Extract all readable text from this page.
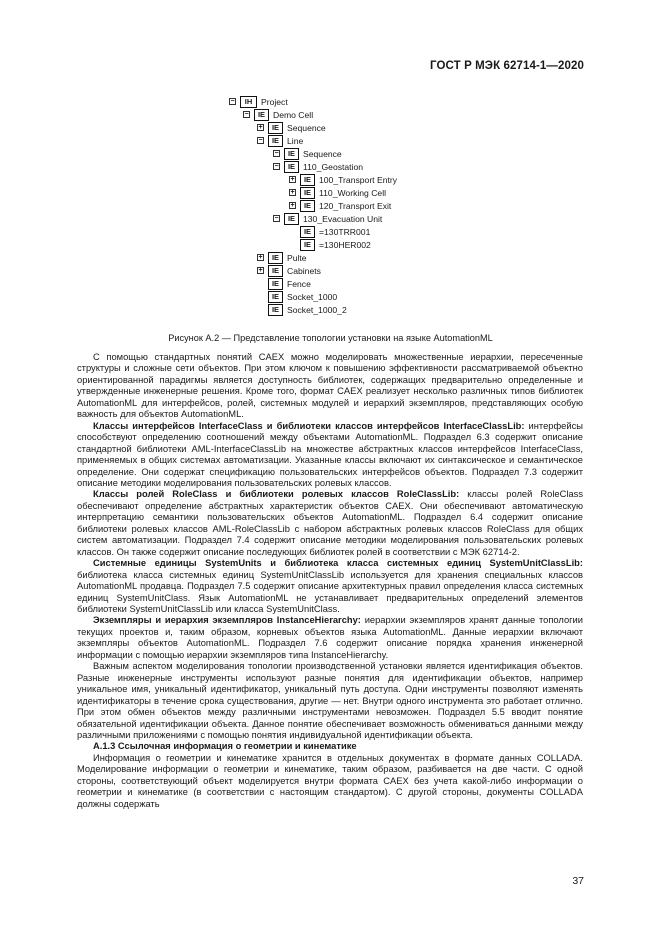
ГОСТ Р МЭК 62714-1—2020
−	IH	Project
−	IE Demo Cell
+	IE Sequence
−	IE Line
−	IE Sequence
−	IE 110_Geostation
+	IE 100_Transport Entry
+	IE 110_Working Cell
+	IE 120_Transport Exit
−	IE 130_Evacuation Unit
IE =130TRR001
IE =130HER002
+	IE Pulte
+	IE Cabinets
IE Fence
IE Socket_1000
IE Socket_1000_2
Рисунок А.2 — Представление топологии установки на языке AutomationML

С помощью стандартных понятий CAEX можно моделировать множественные иерархии, пересеченные структуры и сложные сети объектов. При этом ключом к повышению эффективности рассматриваемой объектно ориентированной парадигмы является доступность библиотек, содержащих предварительно определенные и утвержденные инженерные решения. Кроме того, формат CAEX реализует несколько различных типов библиотек AutomationML для интерфейсов, ролей, системных модулей и иерархий экземпляров, представляющих особую важность для объектов AutomationML.

Классы интерфейсов InterfaceClass и библиотеки классов интерфейсов InterfaceClassLib: интерфейсы способствуют определению соотношений между объектами AutomationML. Подраздел 6.3 содержит описание стандартной библиотеки AML-InterfaceClassLib на множестве абстрактных классов интерфейсов InterfaceClass, применяемых в общих системах автоматизации. Указанные классы включают их синтаксическое и семантическое определение. Они содержат спецификацию пользовательских интерфейсов объектов. Подраздел 7.3 содержит описание методики моделирования пользовательских ролевых классов.

Классы ролей RoleClass и библиотеки ролевых классов RoleClassLib: классы ролей RoleClass обеспечивают определение абстрактных характеристик объектов CAEX. Они обеспечивают автоматическую интерпретацию семантики пользовательских объектов AutomationML. Подраздел 6.4 содержит описание библиотеки ролевых классов AML-RoleClassLib с набором абстрактных ролевых классов RoleClass для общих систем автоматизации. Подраздел 7.4 содержит описание методики моделирования пользовательских ролевых классов. Он также содержит описание последующих библиотек ролей в соответствии с МЭК 62714-2.

Системные единицы SystemUnits и библиотека класса системных единиц SystemUnitClassLib: библиотека класса системных единиц SystemUnitClassLib используется для хранения специальных классов AutomationML продавца. Подраздел 7.5 содержит описание архитектурных правил определения класса системных единиц SystemUnitClass. Язык AutomationML не устанавливает предварительных определений элементов библиотеки SystemUnitClassLib или класса SystemUnitClass.

Экземпляры и иерархия экземпляров InstanceHierarchy: иерархии экземпляров хранят данные топологии текущих проектов и, таким образом, корневых объектов языка AutomationML. Данные иерархии включают экземпляры объектов AutomationML. Подраздел 7.6 содержит описание порядка хранения инженерной информации с помощью иерархии экземпляров типа InstanceHierarchy.

Важным аспектом моделирования топологии производственной установки является идентификация объектов. Разные инженерные инструменты используют разные понятия для идентификации объектов, например уникальное имя, уникальный идентификатор, уникальный путь доступа. Одни инструменты позволяют изменять идентификаторы в течение срока существования, другие — нет. Внутри одного инструмента это работает отлично. При этом обмен объектов между различными инструментами невозможен. Подраздел 5.5 вводит понятие обязательной идентификации объекта. Данное понятие обеспечивает возможность обмениваться данными между различными приложениями с помощью понятия индивидуальной идентификации объекта.

А.1.3 Ссылочная информация о геометрии и кинематике

Информация о геометрии и кинематике хранится в отдельных документах в формате данных COLLADA. Моделирование информации о геометрии и кинематике, таким образом, разбивается на две части. С одной стороны, соответствующий объект моделируется внутри формата CAEX без учета какой-либо информации о геометрии и кинематике (в соответствии с настоящим стандартом). С другой стороны, документы COLLADA должны содержать

37
